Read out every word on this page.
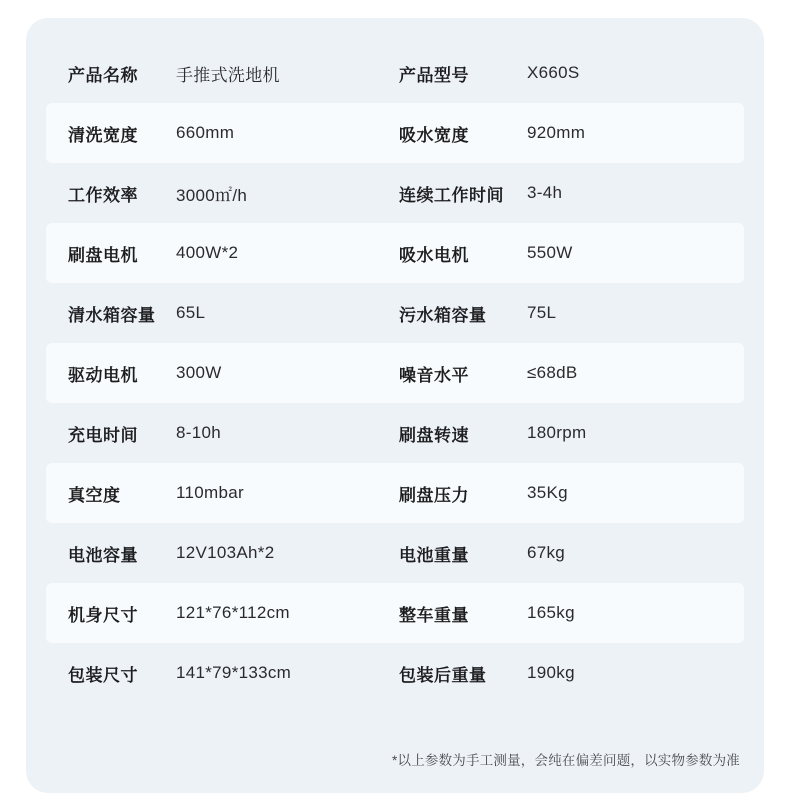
产品名称	手推式洗地机	产品型号	X660S
清洗宽度	660mm	吸水宽度	920mm
工作效率	3000㎡/h	连续工作时间	3-4h
刷盘电机	400W*2	吸水电机	550W
清水箱容量	65L	污水箱容量	75L
驱动电机	300W	噪音水平	≤68dB
充电时间	8-10h	刷盘转速	180rpm
真空度	110mbar	刷盘压力	35Kg
电池容量	12V103Ah*2	电池重量	67kg
机身尺寸	121*76*112cm	整车重量	165kg
包装尺寸	141*79*133cm	包装后重量	190kg
*以上参数为手工测量，会纯在偏差问题，以实物参数为准
